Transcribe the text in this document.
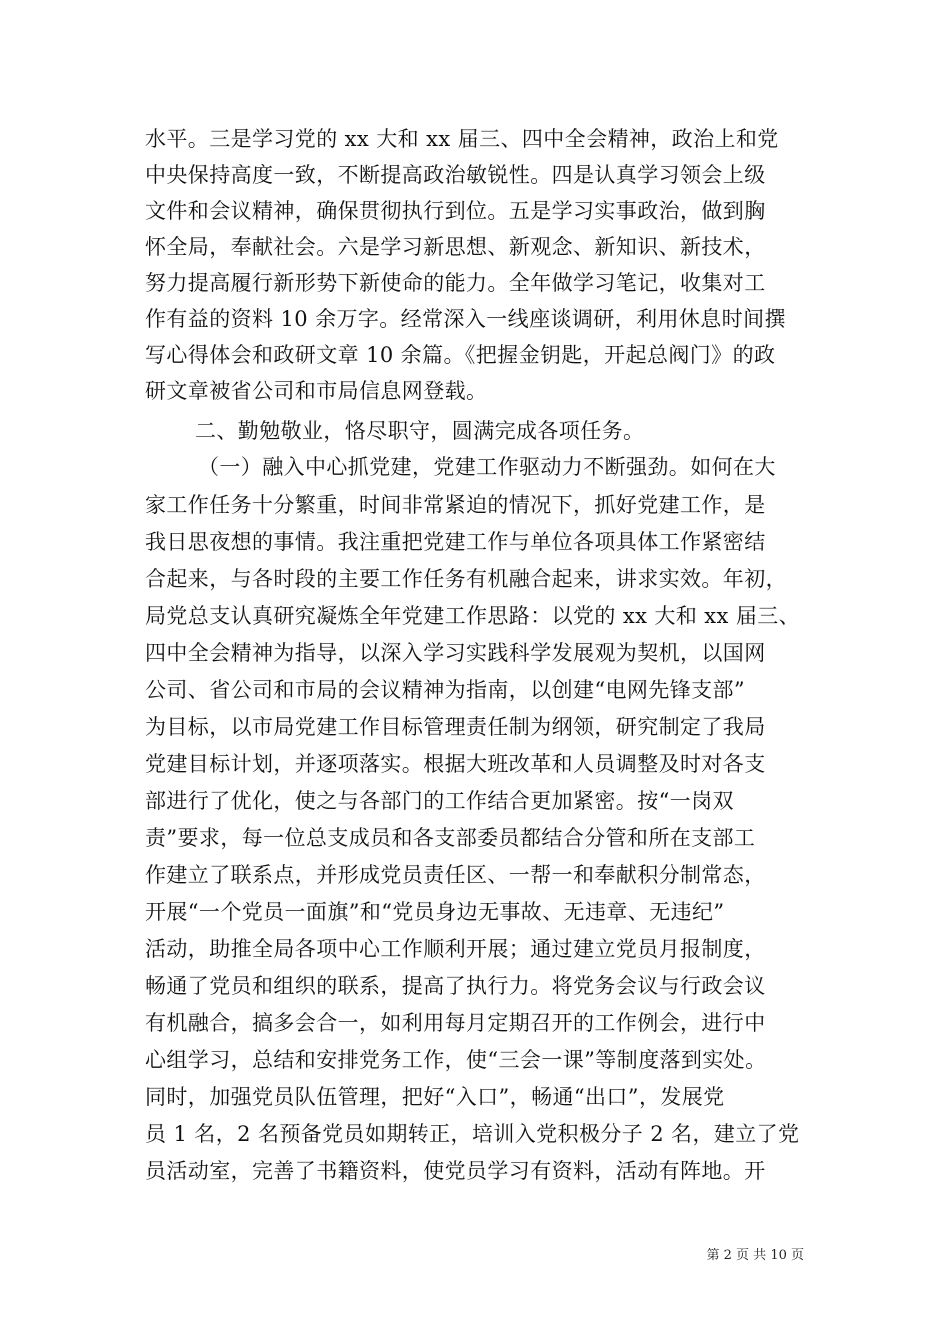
水平。三是学习党的 xx 大和 xx 届三、四中全会精神，政治上和党
中央保持高度一致，不断提高政治敏锐性。四是认真学习领会上级
文件和会议精神，确保贯彻执行到位。五是学习实事政治，做到胸
怀全局，奉献社会。六是学习新思想、新观念、新知识、新技术，
努力提高履行新形势下新使命的能力。全年做学习笔记，收集对工
作有益的资料 10 余万字。经常深入一线座谈调研，利用休息时间撰
写心得体会和政研文章 10 余篇。《把握金钥匙，开起总阀门》的政
研文章被省公司和市局信息网登载。
二、勤勉敬业，恪尽职守，圆满完成各项任务。
（一）融入中心抓党建，党建工作驱动力不断强劲。如何在大
家工作任务十分繁重，时间非常紧迫的情况下，抓好党建工作，是
我日思夜想的事情。我注重把党建工作与单位各项具体工作紧密结
合起来，与各时段的主要工作任务有机融合起来，讲求实效。年初，
局党总支认真研究凝炼全年党建工作思路：以党的 xx 大和 xx 届三、
四中全会精神为指导，以深入学习实践科学发展观为契机，以国网
公司、省公司和市局的会议精神为指南，以创建“电网先锋支部”
为目标，以市局党建工作目标管理责任制为纲领，研究制定了我局
党建目标计划，并逐项落实。根据大班改革和人员调整及时对各支
部进行了优化，使之与各部门的工作结合更加紧密。按“一岗双
责”要求，每一位总支成员和各支部委员都结合分管和所在支部工
作建立了联系点，并形成党员责任区、一帮一和奉献积分制常态，
开展“一个党员一面旗”和“党员身边无事故、无违章、无违纪”
活动，助推全局各项中心工作顺利开展；通过建立党员月报制度，
畅通了党员和组织的联系，提高了执行力。将党务会议与行政会议
有机融合，搞多会合一，如利用每月定期召开的工作例会，进行中
心组学习，总结和安排党务工作，使“三会一课”等制度落到实处。
同时，加强党员队伍管理，把好“入口”，畅通“出口”，发展党
员 1 名，2 名预备党员如期转正，培训入党积极分子 2 名，建立了党
员活动室，完善了书籍资料，使党员学习有资料，活动有阵地。开
第 2 页 共 10 页
